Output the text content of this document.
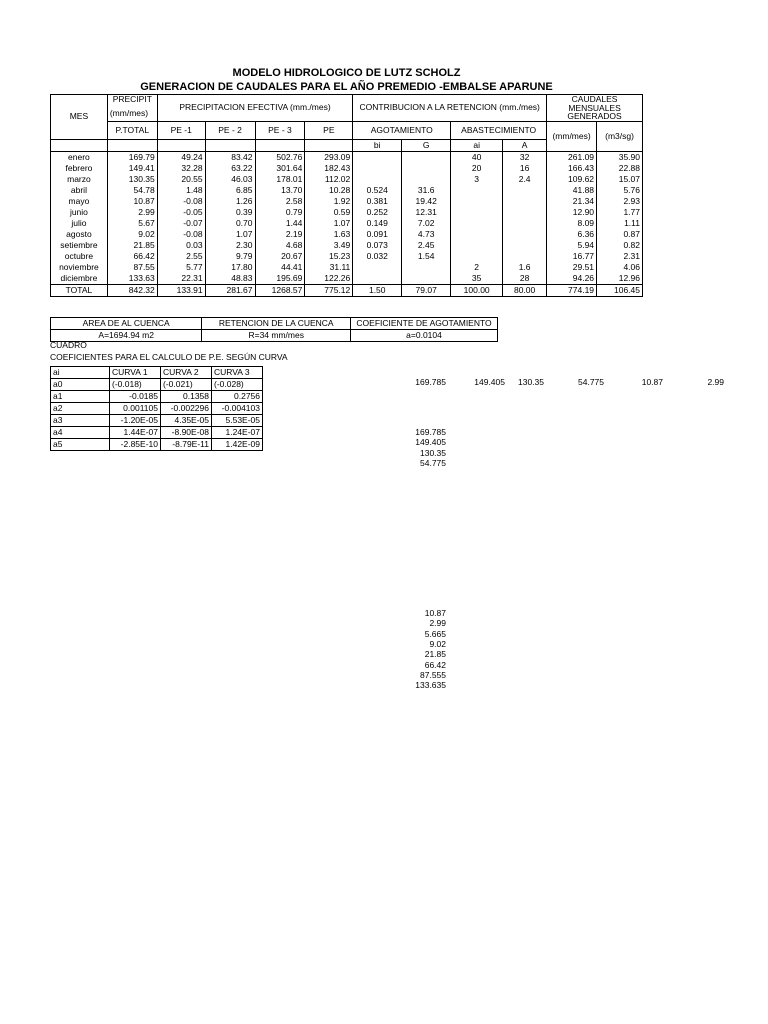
MODELO HIDROLOGICO DE LUTZ SCHOLZ
GENERACION DE CAUDALES PARA EL AÑO PREMEDIO -EMBALSE APARUNE
MES	PRECIPIT
(mm/mes)	PRECIPITACION EFECTIVA (mm./mes)				CONTRIBUCION A LA RETENCION (mm./mes)				CAUDALES MENSUALES GENERADOS	
	P.TOTAL	PE -1	PE - 2	PE - 3	PE	AGOTAMIENTO		ABASTECIMIENTO		(mm/mes)	(m3/sg)
						bi	G	ai	A		
enero	169.79	49.24	83.42	502.76	293.09			40	32	261.09	35.90
febrero	149.41	32.28	63.22	301.64	182.43			20	16	166.43	22.88
marzo	130.35	20.55	46.03	178.01	112.02			3	2.4	109.62	15.07
abril	54.78	1.48	6.85	13.70	10.28	0.524	31.6			41.88	5.76
mayo	10.87	-0.08	1.26	2.58	1.92	0.381	19.42			21.34	2.93
junio	2.99	-0.05	0.39	0.79	0.59	0.252	12.31			12.90	1.77
julio	5.67	-0.07	0.70	1.44	1.07	0.149	7.02			8.09	1.11
agosto	9.02	-0.08	1.07	2.19	1.63	0.091	4.73			6.36	0.87
setiembre	21.85	0.03	2.30	4.68	3.49	0.073	2.45			5.94	0.82
octubre	66.42	2.55	9.79	20.67	15.23	0.032	1.54			16.77	2.31
noviembre	87.55	5.77	17.80	44.41	31.11			2	1.6	29.51	4.06
diciembre	133.63	22.31	48.83	195.69	122.26			35	28	94.26	12.96
TOTAL	842.32	133.91	281.67	1268.57	775.12	1.50	79.07	100.00	80.00	774.19	106.45
AREA DE AL CUENCA	RETENCION DE LA CUENCA	COEFICIENTE DE AGOTAMIENTO
A=1694.94 m2	R=34 mm/mes	a=0.0104
CUADRO
COEFICIENTES PARA EL CALCULO DE P.E. SEGÚN CURVA
ai	CURVA 1	CURVA 2	CURVA 3
a0	(-0.018)	(-0.021)	(-0.028)
a1	-0.0185	0.1358	0.2756
a2	0.001105	-0.002296	-0.004103
a3	-1.20E-05	4.35E-05	5.53E-05
a4	1.44E-07	-8.90E-08	1.24E-07
a5	-2.85E-10	-8.79E-11	1.42E-09
169.785	149.405	130.35	54.775	10.87	2.99
169.785
149.405
130.35
54.775
10.87
2.99
5.665
9.02
21.85
66.42
87.555
133.635
